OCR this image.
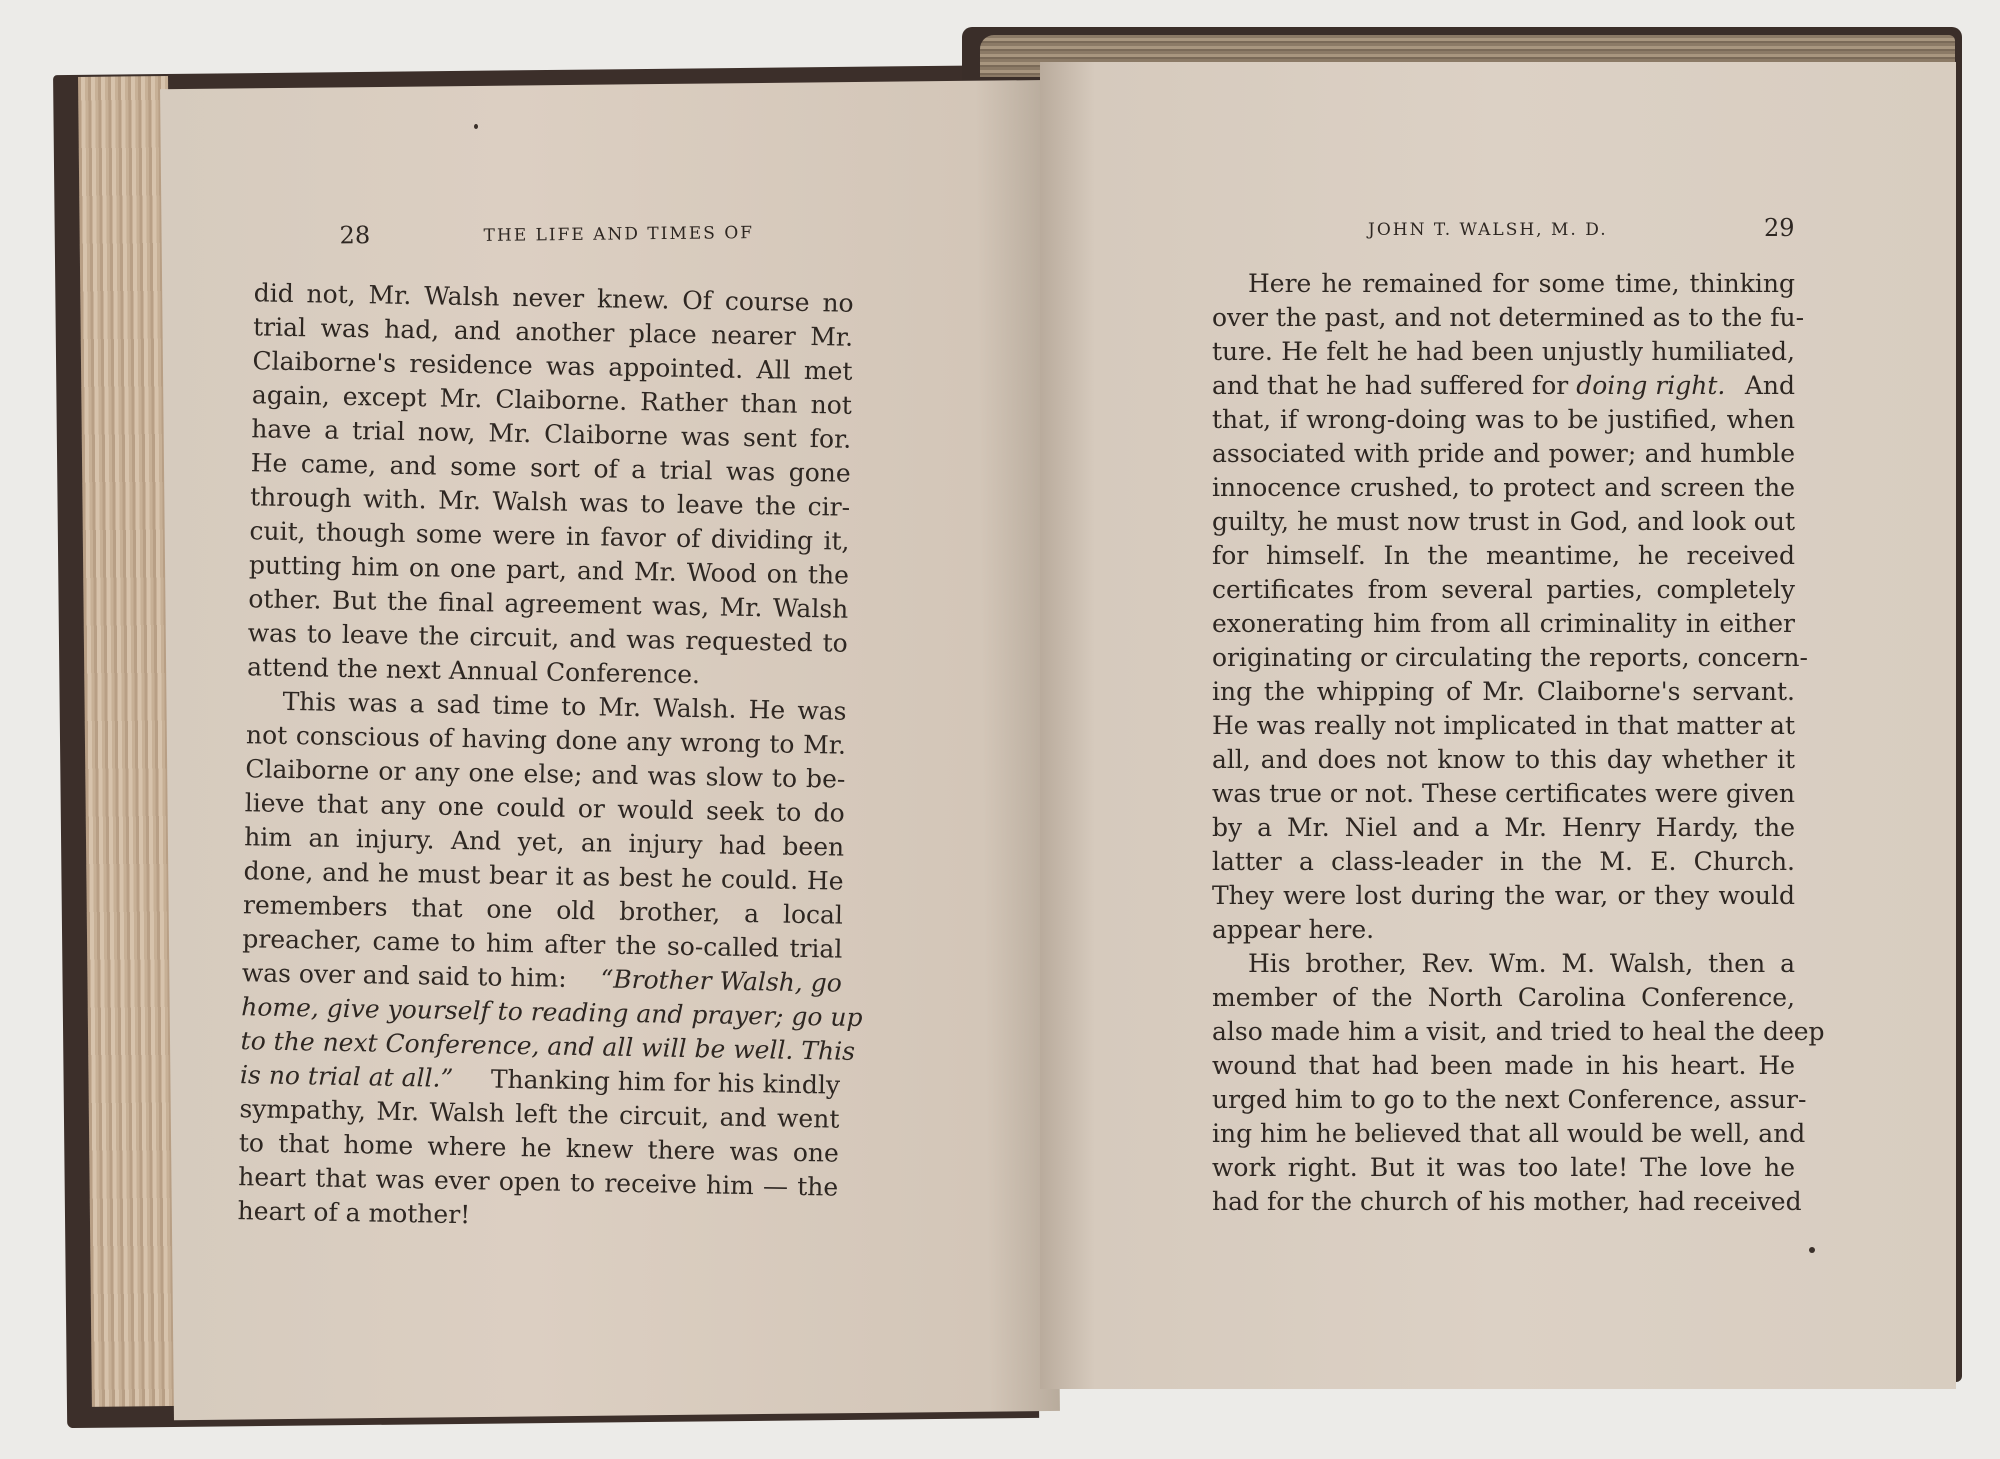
28	THE LIFE AND TIMES OF
did not, Mr. Walsh never knew. Of course no
trial was had, and another place nearer Mr.
Claiborne's residence was appointed. All met
again, except Mr. Claiborne. Rather than not
have a trial now, Mr. Claiborne was sent for.
He came, and some sort of a trial was gone
through with. Mr. Walsh was to leave the cir-
cuit, though some were in favor of dividing it,
putting him on one part, and Mr. Wood on the
other. But the final agreement was, Mr. Walsh
was to leave the circuit, and was requested to
attend the next Annual Conference.
This was a sad time to Mr. Walsh. He was
not conscious of having done any wrong to Mr.
Claiborne or any one else; and was slow to be-
lieve that any one could or would seek to do
him an injury. And yet, an injury had been
done, and he must bear it as best he could. He
remembers that one old brother, a local
preacher, came to him after the so-called trial
was over and said to him: “Brother Walsh, go
home, give yourself to reading and prayer; go up
to the next Conference, and all will be well. This
is no trial at all.” Thanking him for his kindly
sympathy, Mr. Walsh left the circuit, and went
to that home where he knew there was one
heart that was ever open to receive him — the
heart of a mother!
JOHN T. WALSH, M. D.	29
Here he remained for some time, thinking
over the past, and not determined as to the fu-
ture. He felt he had been unjustly humiliated,
and that he had suffered for doing right. And
that, if wrong-doing was to be justified, when
associated with pride and power; and humble
innocence crushed, to protect and screen the
guilty, he must now trust in God, and look out
for himself. In the meantime, he received
certificates from several parties, completely
exonerating him from all criminality in either
originating or circulating the reports, concern-
ing the whipping of Mr. Claiborne's servant.
He was really not implicated in that matter at
all, and does not know to this day whether it
was true or not. These certificates were given
by a Mr. Niel and a Mr. Henry Hardy, the
latter a class-leader in the M. E. Church.
They were lost during the war, or they would
appear here.
His brother, Rev. Wm. M. Walsh, then a
member of the North Carolina Conference,
also made him a visit, and tried to heal the deep
wound that had been made in his heart. He
urged him to go to the next Conference, assur-
ing him he believed that all would be well, and
work right. But it was too late! The love he
had for the church of his mother, had received
